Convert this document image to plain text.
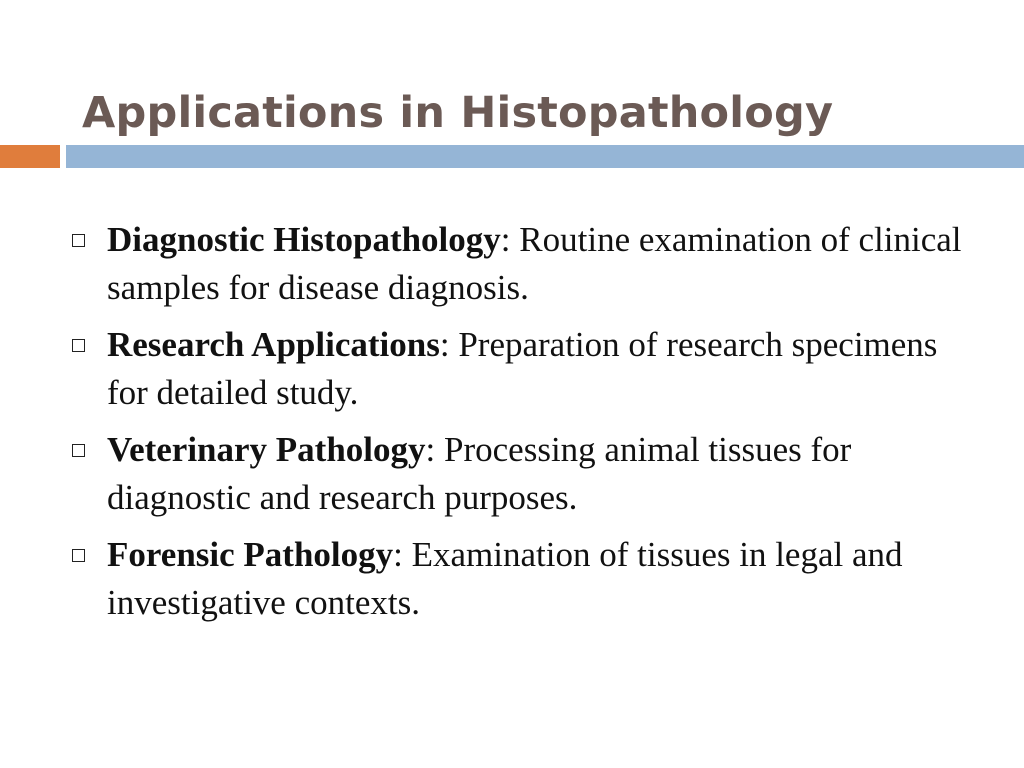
Applications in Histopathology
Diagnostic Histopathology: Routine examination of clinical samples for disease diagnosis.
Research Applications: Preparation of research specimens for detailed study.
Veterinary Pathology: Processing animal tissues for diagnostic and research purposes.
Forensic Pathology: Examination of tissues in legal and investigative contexts.
